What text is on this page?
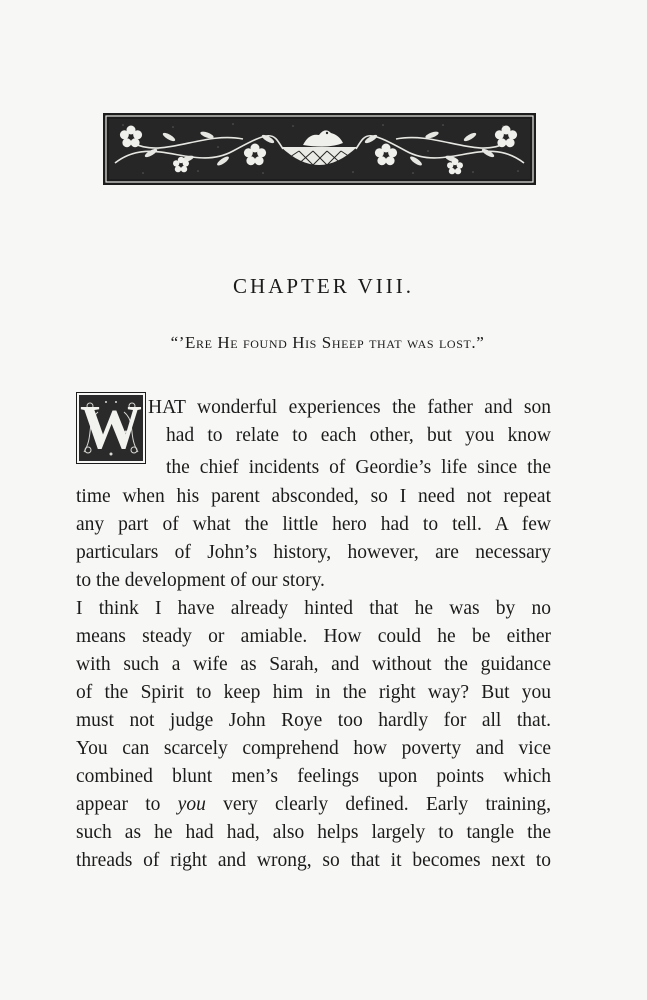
CHAPTER VIII.
“’Ere He found His Sheep that was lost.”
W HAT wonderful experiences the father and son
had to relate to each other, but you know
the chief incidents of Geordie’s life since the
time when his parent absconded, so I need not repeat
any part of what the little hero had to tell. A few
particulars of John’s history, however, are necessary
to the development of our story.
I think I have already hinted that he was by no
means steady or amiable. How could he be either
with such a wife as Sarah, and without the guidance
of the Spirit to keep him in the right way? But you
must not judge John Roye too hardly for all that.
You can scarcely comprehend how poverty and vice
combined blunt men’s feelings upon points which
appear to you very clearly defined. Early training,
such as he had had, also helps largely to tangle the
threads of right and wrong, so that it becomes next to
